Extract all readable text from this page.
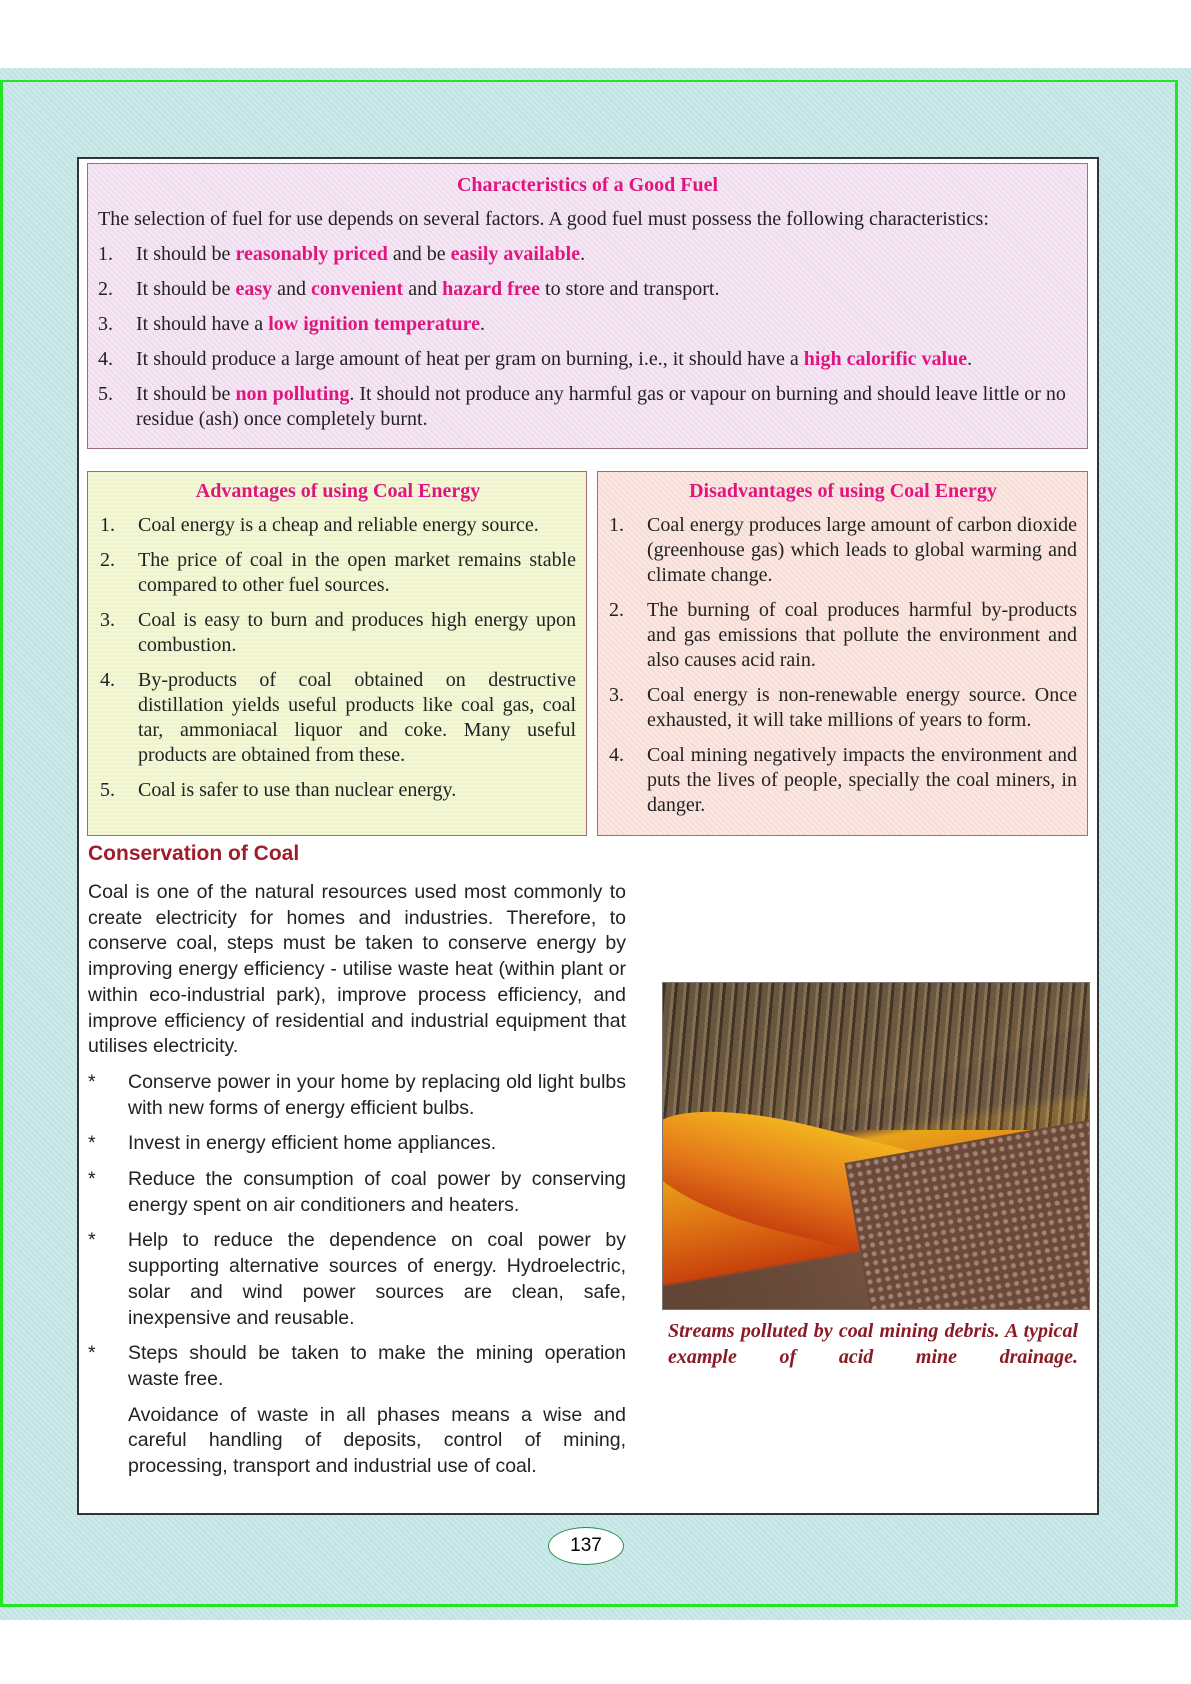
Characteristics of a Good Fuel
The selection of fuel for use depends on several factors. A good fuel must possess the following characteristics:
1.	It should be reasonably priced and be easily available.
2.	It should be easy and convenient and hazard free to store and transport.
3.	It should have a low ignition temperature.
4.	It should produce a large amount of heat per gram on burning, i.e., it should have a high calorific value.
5.	It should be non polluting. It should not produce any harmful gas or vapour on burning and should leave little or no residue (ash) once completely burnt.
Advantages of using Coal Energy
1.	Coal energy is a cheap and reliable energy source.
2.	The price of coal in the open market remains stable compared to other fuel sources.
3.	Coal is easy to burn and produces high energy upon combustion.
4.	By-products of coal obtained on destructive distillation yields useful products like coal gas, coal tar, ammoniacal liquor and coke. Many useful products are obtained from these.
5.	Coal is safer to use than nuclear energy.
Disadvantages of using Coal Energy
1.	Coal energy produces large amount of carbon dioxide (greenhouse gas) which leads to global warming and climate change.
2.	The burning of coal produces harmful by-products and gas emissions that pollute the environment and also causes acid rain.
3.	Coal energy is non-renewable energy source. Once exhausted, it will take millions of years to form.
4.	Coal mining negatively impacts the environment and puts the lives of people, specially the coal miners, in danger.
Conservation of Coal
Coal is one of the natural resources used most commonly to create electricity for homes and industries. Therefore, to conserve coal, steps must be taken to conserve energy by improving energy efficiency - utilise waste heat (within plant or within eco-industrial park), improve process efficiency, and improve efficiency of residential and industrial equipment that utilises electricity.
*	Conserve power in your home by replacing old light bulbs with new forms of energy efficient bulbs.
*	Invest in energy efficient home appliances.
*	Reduce the consumption of coal power by conserving energy spent on air conditioners and heaters.
*	Help to reduce the dependence on coal power by supporting alternative sources of energy. Hydroelectric, solar and wind power sources are clean, safe, inexpensive and reusable.
*	Steps should be taken to make the mining operation waste free.
Avoidance of waste in all phases means a wise and careful handling of deposits, control of mining, processing, transport and industrial use of coal.
Streams polluted by coal mining debris. A typical example of acid mine drainage.
137
